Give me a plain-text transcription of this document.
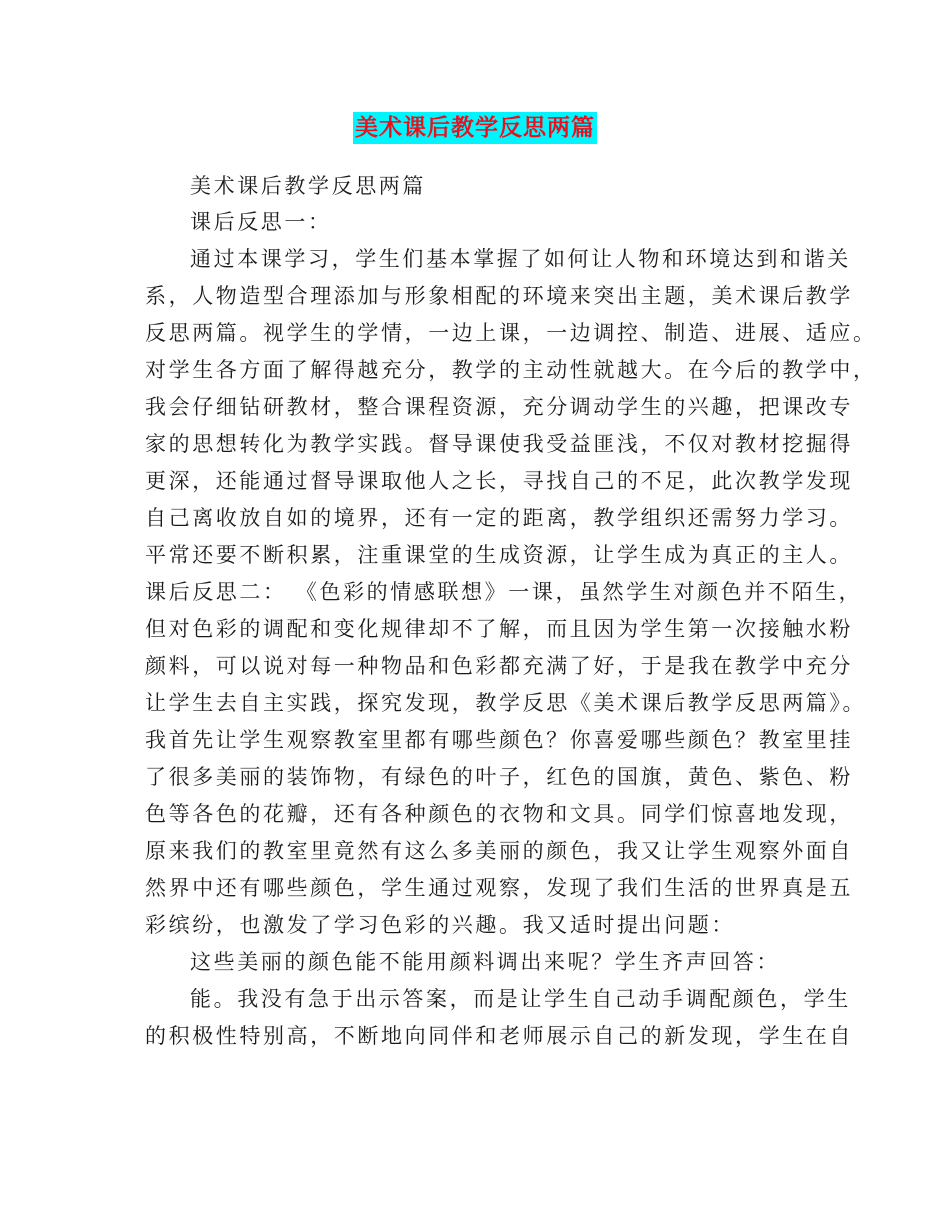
美术课后教学反思两篇
美术课后教学反思两篇
课后反思一：
通过本课学习，学生们基本掌握了如何让人物和环境达到和谐关
系，人物造型合理添加与形象相配的环境来突出主题，美术课后教学
反思两篇。视学生的学情，一边上课，一边调控、制造、进展、适应。
对学生各方面了解得越充分，教学的主动性就越大。在今后的教学中，
我会仔细钻研教材，整合课程资源，充分调动学生的兴趣，把课改专
家的思想转化为教学实践。督导课使我受益匪浅，不仅对教材挖掘得
更深，还能通过督导课取他人之长，寻找自己的不足，此次教学发现
自己离收放自如的境界，还有一定的距离，教学组织还需努力学习。
平常还要不断积累，注重课堂的生成资源，让学生成为真正的主人。
课后反思二： 《色彩的情感联想》一课，虽然学生对颜色并不陌生，
但对色彩的调配和变化规律却不了解，而且因为学生第一次接触水粉
颜料，可以说对每一种物品和色彩都充满了好，于是我在教学中充分
让学生去自主实践，探究发现，教学反思《美术课后教学反思两篇》。
我首先让学生观察教室里都有哪些颜色？你喜爱哪些颜色？教室里挂
了很多美丽的装饰物，有绿色的叶子，红色的国旗，黄色、紫色、粉
色等各色的花瓣，还有各种颜色的衣物和文具。同学们惊喜地发现，
原来我们的教室里竟然有这么多美丽的颜色，我又让学生观察外面自
然界中还有哪些颜色，学生通过观察，发现了我们生活的世界真是五
彩缤纷，也激发了学习色彩的兴趣。我又适时提出问题：
这些美丽的颜色能不能用颜料调出来呢？学生齐声回答：
能。我没有急于出示答案，而是让学生自己动手调配颜色，学生
的积极性特别高，不断地向同伴和老师展示自己的新发现，学生在自
